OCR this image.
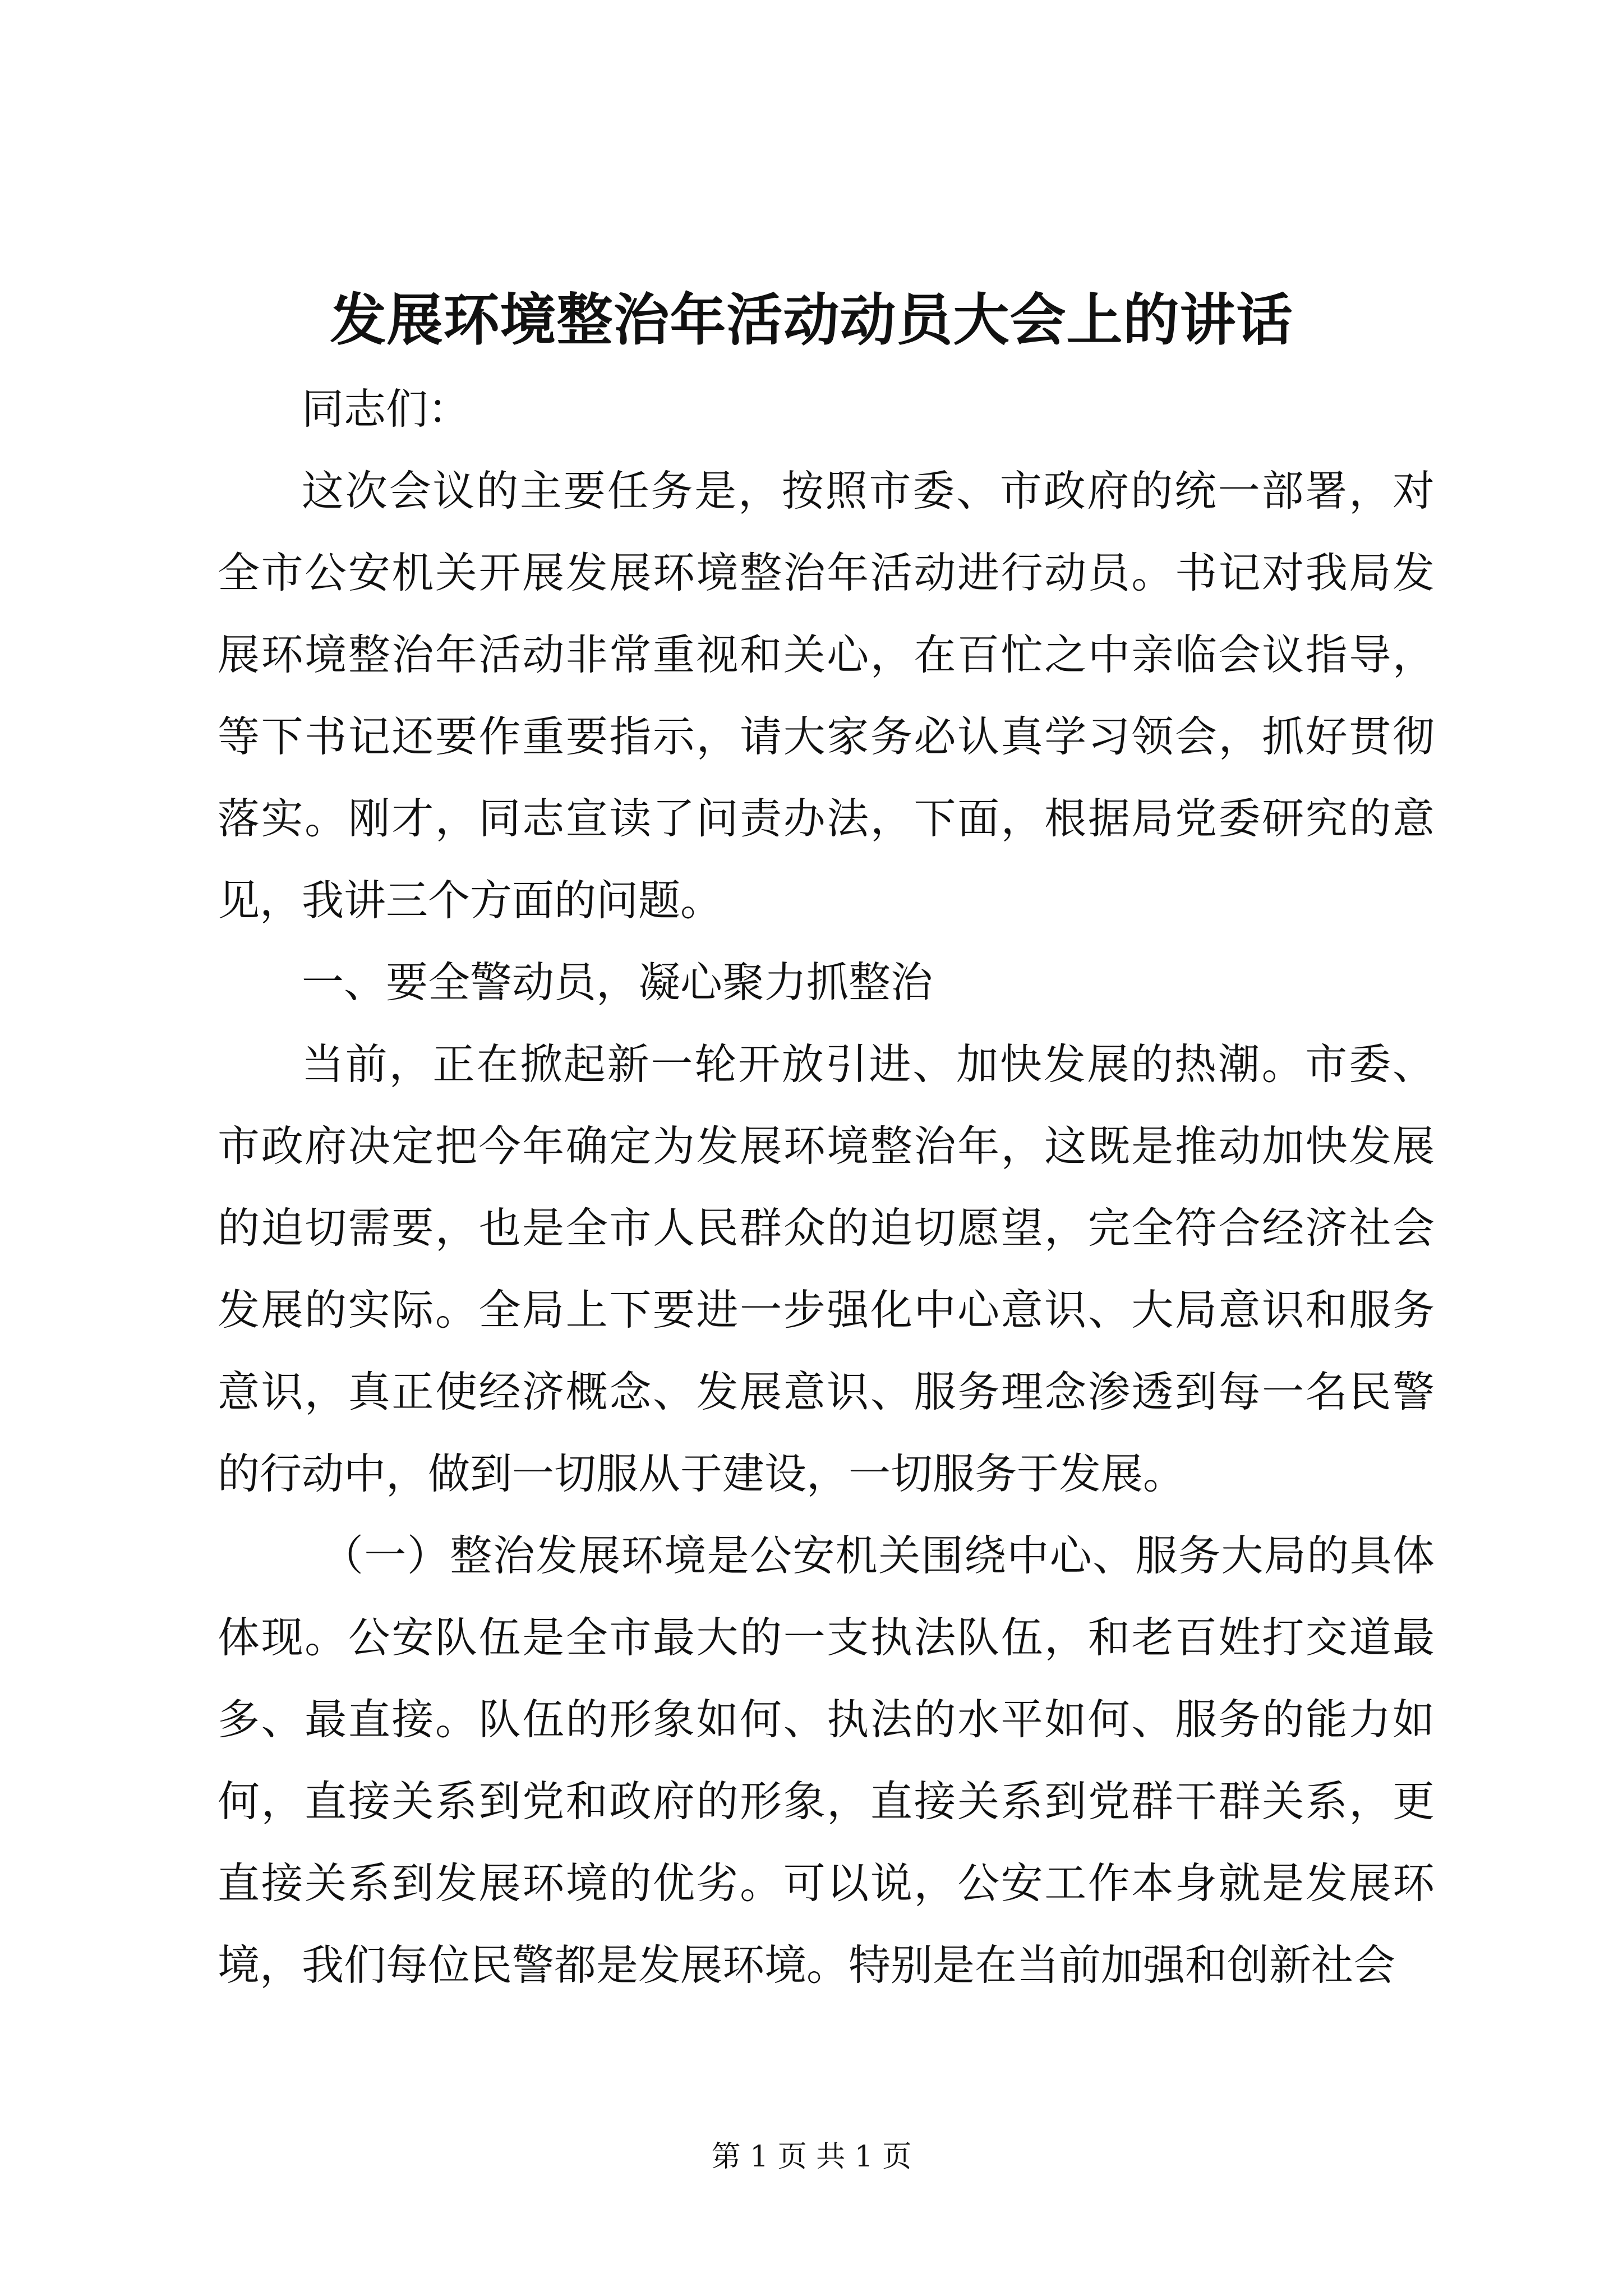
发展环境整治年活动动员大会上的讲话

同志们：

这次会议的主要任务是，按照市委、市政府的统一部署，对全市公安机关开展发展环境整治年活动进行动员。书记对我局发展环境整治年活动非常重视和关心，在百忙之中亲临会议指导，等下书记还要作重要指示，请大家务必认真学习领会，抓好贯彻落实。刚才，同志宣读了问责办法，下面，根据局党委研究的意见，我讲三个方面的问题。

一、要全警动员，凝心聚力抓整治

当前，正在掀起新一轮开放引进、加快发展的热潮。市委、市政府决定把今年确定为发展环境整治年，这既是推动加快发展的迫切需要，也是全市人民群众的迫切愿望，完全符合经济社会发展的实际。全局上下要进一步强化中心意识、大局意识和服务意识，真正使经济概念、发展意识、服务理念渗透到每一名民警的行动中，做到一切服从于建设，一切服务于发展。

（一）整治发展环境是公安机关围绕中心、服务大局的具体体现。公安队伍是全市最大的一支执法队伍，和老百姓打交道最多、最直接。队伍的形象如何、执法的水平如何、服务的能力如何，直接关系到党和政府的形象，直接关系到党群干群关系，更直接关系到发展环境的优劣。可以说，公安工作本身就是发展环境，我们每位民警都是发展环境。特别是在当前加强和创新社会

第 1 页 共 1 页
